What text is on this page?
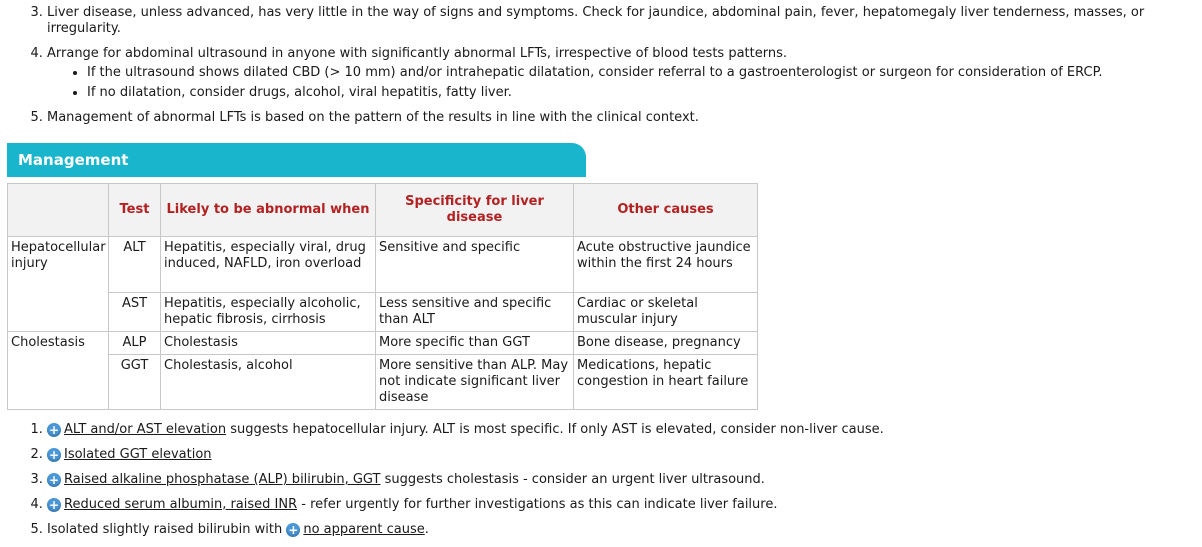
3. Liver disease, unless advanced, has very little in the way of signs and symptoms. Check for jaundice, abdominal pain, fever, hepatomegaly liver tenderness, masses, or irregularity.
4. Arrange for abdominal ultrasound in anyone with significantly abnormal LFTs, irrespective of blood tests patterns.
• If the ultrasound shows dilated CBD (> 10 mm) and/or intrahepatic dilatation, consider referral to a gastroenterologist or surgeon for consideration of ERCP.
• If no dilatation, consider drugs, alcohol, viral hepatitis, fatty liver.
5. Management of abnormal LFTs is based on the pattern of the results in line with the clinical context.
Management
	Test	Likely to be abnormal when	Specificity for liver disease	Other causes
Hepatocellular injury	ALT	Hepatitis, especially viral, drug induced, NAFLD, iron overload	Sensitive and specific	Acute obstructive jaundice within the first 24 hours
	AST	Hepatitis, especially alcoholic, hepatic fibrosis, cirrhosis	Less sensitive and specific than ALT	Cardiac or skeletal muscular injury
Cholestasis	ALP	Cholestasis	More specific than GGT	Bone disease, pregnancy
	GGT	Cholestasis, alcohol	More sensitive than ALP. May not indicate significant liver disease	Medications, hepatic congestion in heart failure
1. + ALT and/or AST elevation suggests hepatocellular injury. ALT is most specific. If only AST is elevated, consider non-liver cause.
2. + Isolated GGT elevation
3. + Raised alkaline phosphatase (ALP) bilirubin, GGT suggests cholestasis - consider an urgent liver ultrasound.
4. + Reduced serum albumin, raised INR - refer urgently for further investigations as this can indicate liver failure.
5. Isolated slightly raised bilirubin with + no apparent cause.
